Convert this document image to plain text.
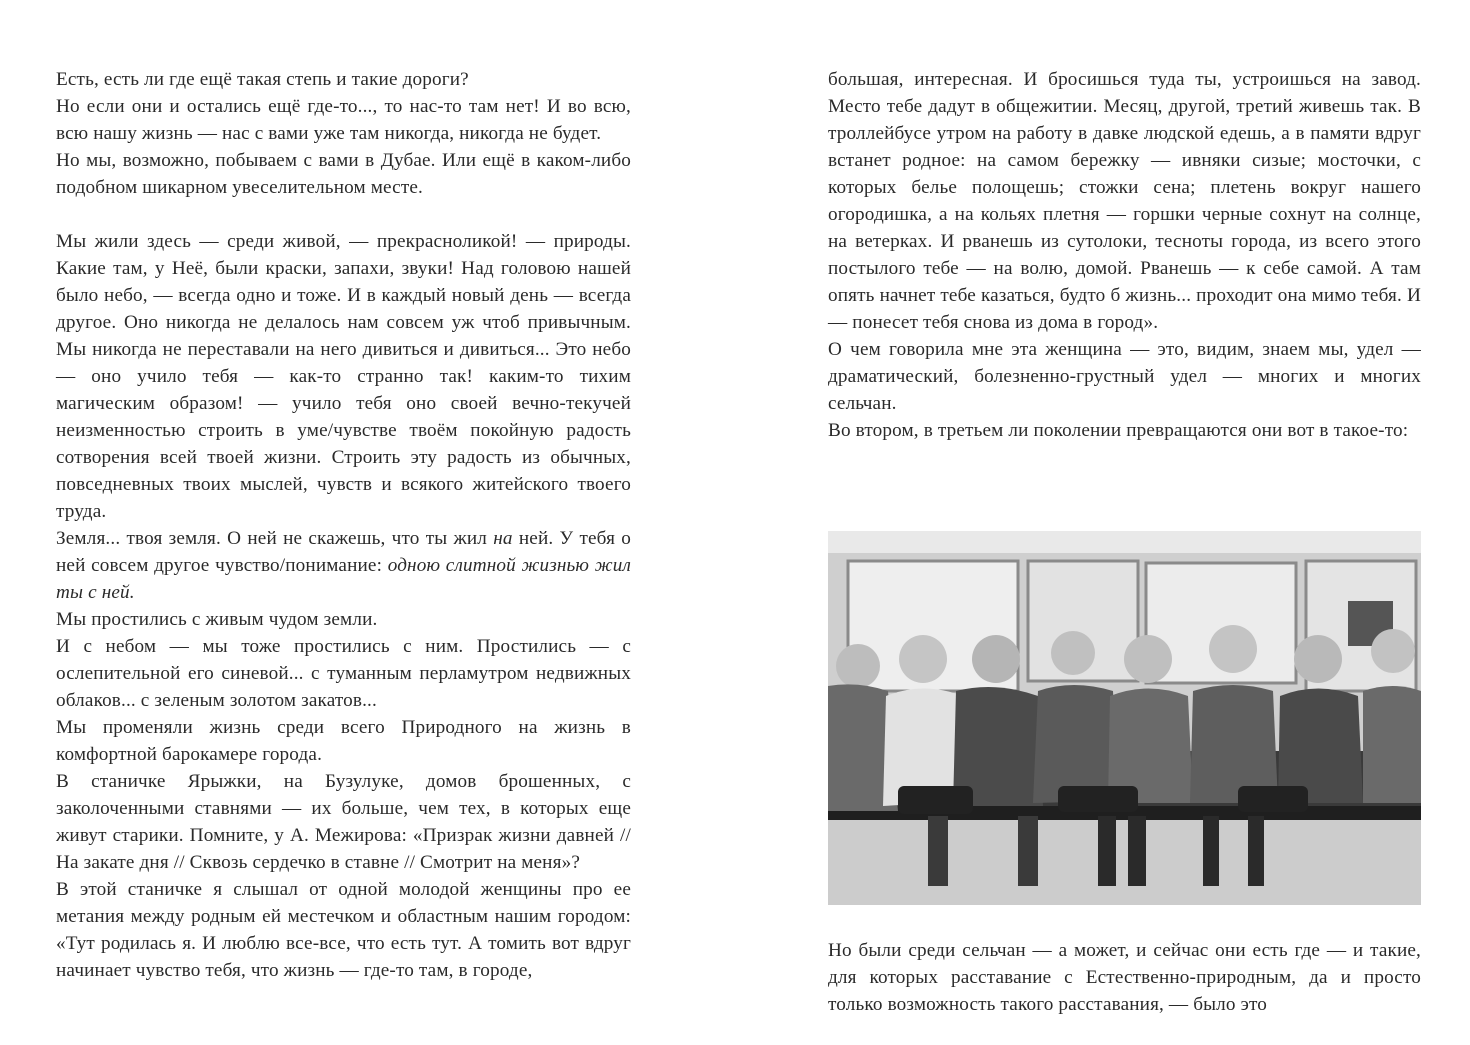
Есть, есть ли где ещё такая степь и такие дороги?

Но если они и остались ещё где-то..., то нас-то там нет! И во всю, всю нашу жизнь — нас с вами уже там никогда, никогда не будет.

Но мы, возможно, побываем с вами в Дубае. Или ещё в каком-либо подобном шикарном увеселительном месте.

Мы жили здесь — среди живой, — прекрасноликой! — природы. Какие там, у Неё, были краски, запахи, звуки! Над головою нашей было небо, — всегда одно и тоже. И в каждый новый день — всегда другое. Оно никогда не делалось нам совсем уж чтоб привычным. Мы никогда не переставали на него дивиться и дивиться... Это небо — оно учило тебя — как-то странно так! каким-то тихим магическим образом! — учило тебя оно своей вечно-текучей неизменностью строить в уме/чувстве твоём покойную радость сотворения всей твоей жизни. Строить эту радость из обычных, повседневных твоих мыслей, чувств и всякого житейского твоего труда.

Земля... твоя земля. О ней не скажешь, что ты жил на ней. У тебя о ней совсем другое чувство/понимание: одною слитной жизнью жил ты с ней.

Мы простились с живым чудом земли.

И с небом — мы тоже простились с ним. Простились — с ослепительной его синевой... с туманным перламутром недвижных облаков... с зеленым золотом закатов...

Мы променяли жизнь среди всего Природного на жизнь в комфортной барокамере города.

В станичке Ярыжки, на Бузулуке, домов брошенных, с заколоченными ставнями — их больше, чем тех, в которых еще живут старики. Помните, у А. Межирова: «Призрак жизни давней // На закате дня // Сквозь сердечко в ставне // Смотрит на меня»?

В этой станичке я слышал от одной молодой женщины про ее метания между родным ей местечком и областным нашим городом: «Тут родилась я. И люблю все-все, что есть тут. А томить вот вдруг начинает чувство тебя, что жизнь — где-то там, в городе,

большая, интересная. И бросишься туда ты, устроишься на завод. Место тебе дадут в общежитии. Месяц, другой, третий живешь так. В троллейбусе утром на работу в давке людской едешь, а в памяти вдруг встанет родное: на самом бережку — ивняки сизые; мосточки, с которых белье полощешь; стожки сена; плетень вокруг нашего огородишка, а на кольях плетня — горшки черные сохнут на солнце, на ветерках. И рванешь из сутолоки, тесноты города, из всего этого постылого тебе — на волю, домой. Рванешь — к себе самой. А там опять начнет тебе казаться, будто б жизнь... проходит она мимо тебя. И — понесет тебя снова из дома в город».

О чем говорила мне эта женщина — это, видим, знаем мы, удел — драматический, болезненно-грустный удел — многих и многих сельчан.

Во втором, в третьем ли поколении превращаются они вот в такое-то:

Но были среди сельчан — а может, и сейчас они есть где — и такие, для которых расставание с Естественно-природным, да и просто только возможность такого расставания, — было это
